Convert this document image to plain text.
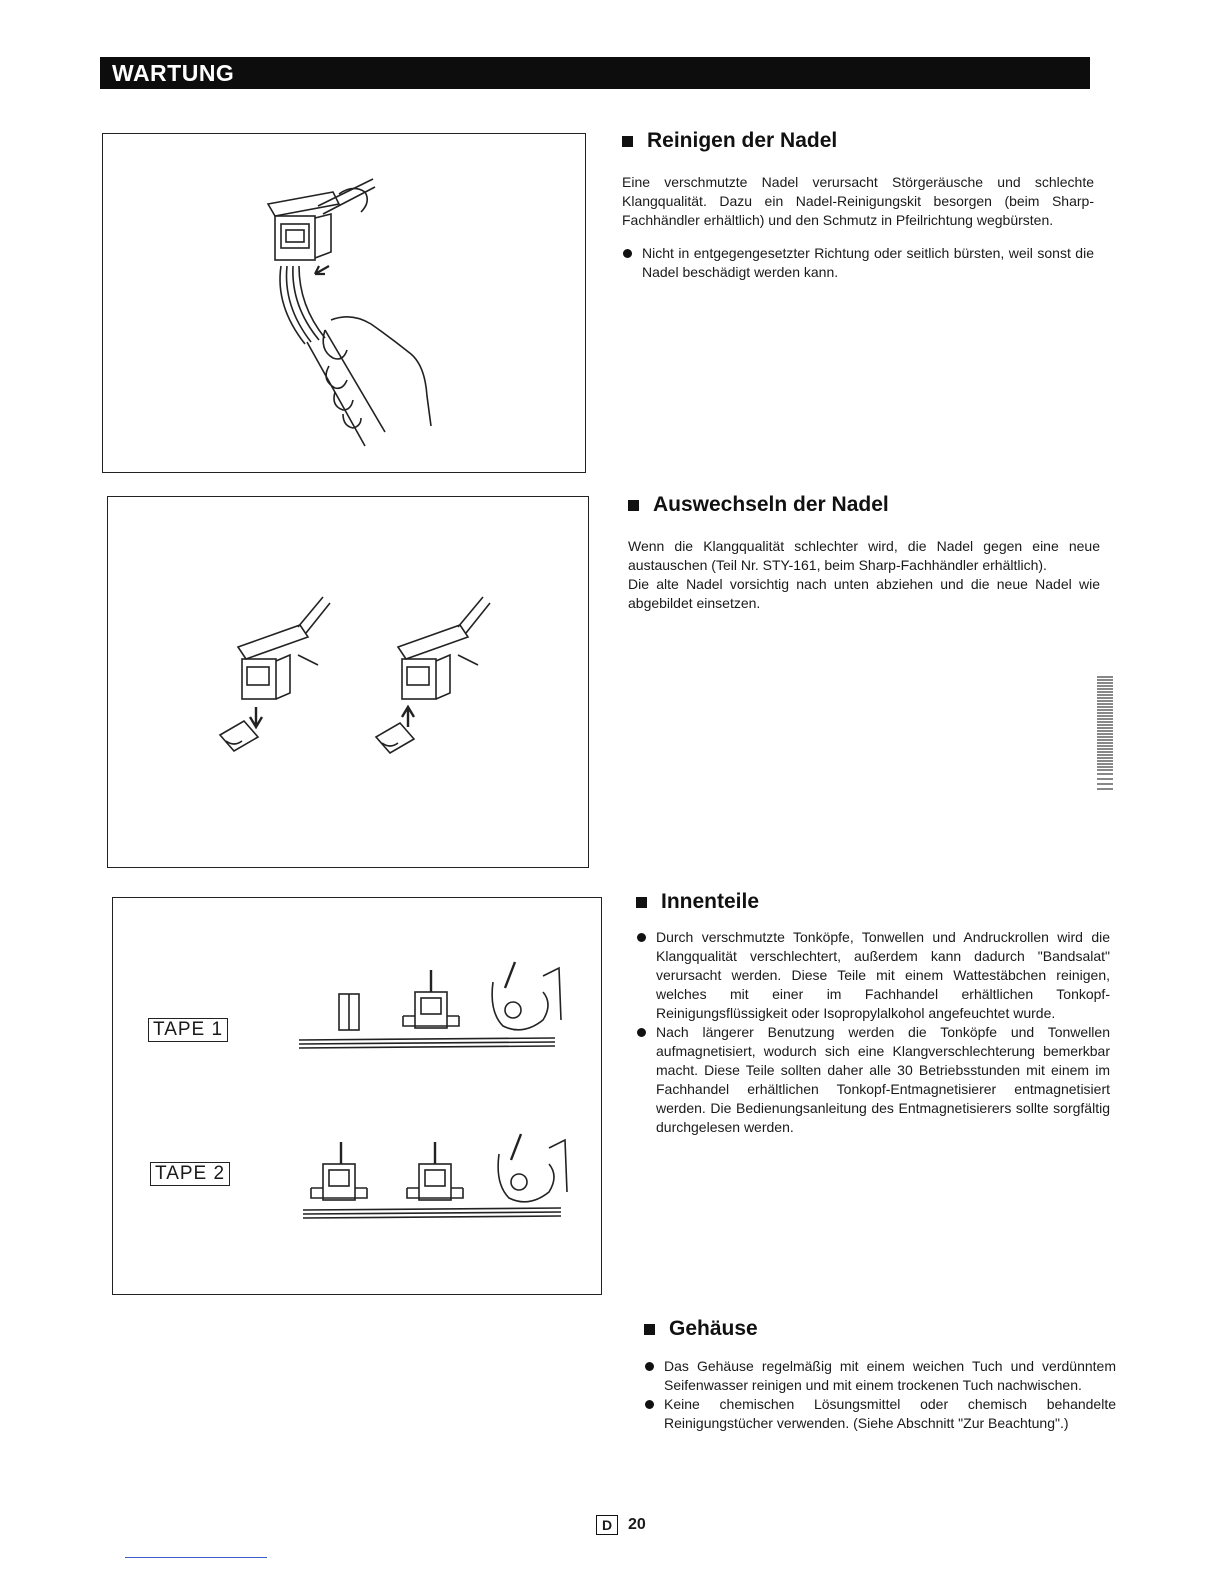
WARTUNG
TAPE 1
TAPE 2
Reinigen der Nadel

Eine verschmutzte Nadel verursacht Störgeräusche und schlechte Klangqualität. Dazu ein Nadel-Reinigungskit besorgen (beim Sharp-Fachhändler erhältlich) und den Schmutz in Pfeilrichtung wegbürsten.

Nicht in entgegengesetzter Richtung oder seitlich bürsten, weil sonst die Nadel beschädigt werden kann.
Auswechseln der Nadel

Wenn die Klangqualität schlechter wird, die Nadel gegen eine neue austauschen (Teil Nr. STY-161, beim Sharp-Fachhändler erhältlich).

Die alte Nadel vorsichtig nach unten abziehen und die neue Nadel wie abgebildet einsetzen.

Innenteile
Durch verschmutzte Tonköpfe, Tonwellen und Andruckrollen wird die Klangqualität verschlechtert, außerdem kann dadurch "Bandsalat" verursacht werden. Diese Teile mit einem Wattestäbchen reinigen, welches mit einer im Fachhandel erhältlichen Tonkopf-Reinigungsflüssigkeit oder Isopropylalkohol angefeuchtet wurde.
Nach längerer Benutzung werden die Tonköpfe und Tonwellen aufmagnetisiert, wodurch sich eine Klangverschlechterung bemerkbar macht. Diese Teile sollten daher alle 30 Betriebsstunden mit einem im Fachhandel erhältlichen Tonkopf-Entmagnetisierer entmagnetisiert werden. Die Bedienungsanleitung des Entmagnetisierers sollte sorgfältig durchgelesen werden.
Gehäuse
Das Gehäuse regelmäßig mit einem weichen Tuch und verdünntem Seifenwasser reinigen und mit einem trockenen Tuch nachwischen.
Keine chemischen Lösungsmittel oder chemisch behandelte Reinigungstücher verwenden. (Siehe Abschnitt "Zur Beachtung".)
D 20
